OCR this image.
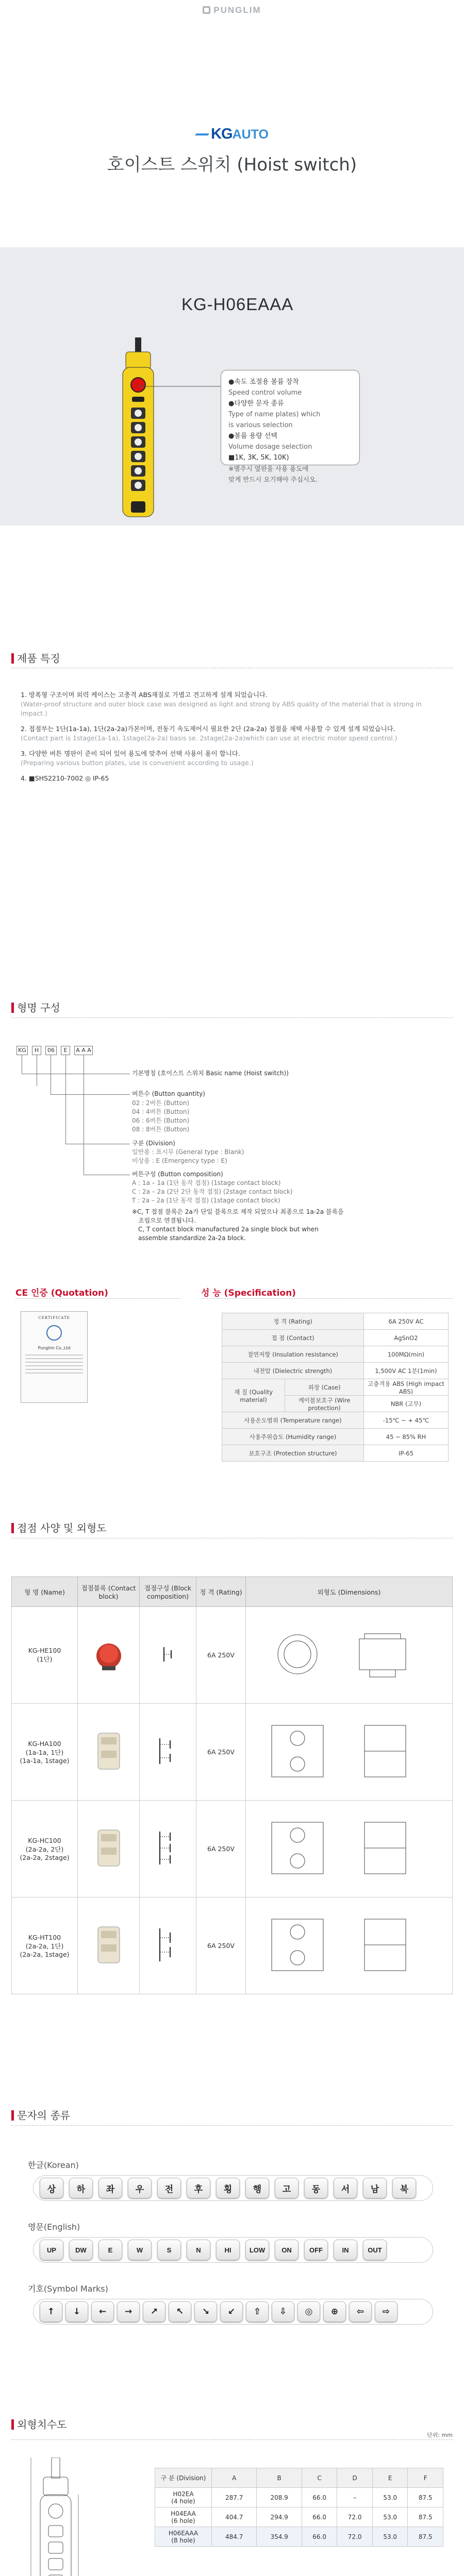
PUNGLIM
KGAUTO
호이스트 스위치 (Hoist switch)
KG-H06EAAA
●속도 조절용 볼륨 장착
Speed control volume
●다양한 문자 종류
Type of name plates) which
is various selection
●볼륨 용량 선택
Volume dosage selection
■1K, 3K, 5K, 10K)
※별주시 옆판을 사용 용도에
맞게 반드시 요기해야 주십시오.
제품 특징
1. 방폭형 구조이며 외력 케이스는 고충격 ABS재질로 가볍고 견고하게 설계 되었습니다.
(Water-proof structure and outer block case was designed as light and strong by ABS quality of the material that is strong in impact.)
2. 접점부는 1단(1a-1a), 1단(2a-2a)가본이며, 전동기 속도제어시 필요한 2단 (2a-2a) 접점을 채택 사용할 수 있게 설계 되었습니다.
(Contact part is 1stage(1a-1a), 1stage(2a-2a) basis se. 2stage(2a-2a)which can use at electric motor speed control.)
3. 다양한 버튼 명판이 준비 되어 있어 용도에 맞추어 선택 사용이 용이 합니다.
(Preparing various button plates, use is convenient according to usage.)
4. ■SHS2210-7002 ◎ IP-65
형명 구성
KG	H	06	E	A A A
기본명칭 (호이스트 스위치 Basic name (Hoist switch))
버튼수 (Button quantity)
02 : 2버튼 (Button)
04 : 4버튼 (Button)
06 : 6버튼 (Button)
08 : 8버튼 (Button)
구분 (Division)
일반용 : 표시무 (General type : Blank)
비상용 : E (Emergency type : E)
버튼구성 (Button composition)
A : 1a – 1a (1단 동작 접점) (1stage contact block)
C : 2a – 2a (2단 2단 동작 접점) (2stage contact block)
T : 2a – 2a (1단 동작 접점) (1stage contact block)
※C, T 접점 블록은 2a가 단일 블록으로 제작 되었으나 최종으로 1a-2a 블록을
조립으로 연결됩니다.
C, T contact block manufactured 2a single block but when
assemble standardize 2a-2a block.
CE 인증 (Quotation)
CERTIFICATE
Punglim Co.,Ltd
성 능 (Specification)
정 격 (Rating)		6A 250V AC
접 점 (Contact)		AgSnO2
절연저항 (Insulation resistance)		100MΩ(min)
내전압 (Dielectric strength)		1,500V AC 1분(1min)
재 질 (Quality material)	외장 (Case)	고충격용 ABS (High impact ABS)
	케이블보호구 (Wire protection)	NBR (고무)
사용온도범위 (Temperature range)		-15℃ ~ + 45℃
사용주위습도 (Humidity range)		45 ~ 85% RH
보호구조 (Protection structure)		IP-65
접점 사양 및 외형도
형 명 (Name)	접점블록 (Contact block)	접점구성 (Block composition)	정 격 (Rating)	외형도 (Dimensions)

KG-HE100
(1단)			6A 250V	

KG-HA100
(1a-1a, 1단)
(1a-1a, 1stage)			6A 250V	

KG-HC100
(2a-2a, 2단)
(2a-2a, 2stage)			6A 250V	

KG-HT100
(2a-2a, 1단)
(2a-2a, 1stage)			6A 250V	
문자의 종류
한글(Korean)
상	하	좌	우	전	후	횡	행	고	동	서	남	북
영문(English)
UP	DW	E	W	S	N	HI	LOW	ON	OFF	IN	OUT
기호(Symbol Marks)
↑	↓	←	→	↗	↖	↘	↙	⇧	⇩	◎	⊕	⇦	⇨
외형치수도
단위: mm
구 분 (Division)	A	B	C	D	E	F

H02EA
(4 hole)	287.7	208.9	66.0	–	53.0	87.5

H04EAA
(6 hole)	404.7	294.9	66.0	72.0	53.0	87.5

H06EAAA
(8 hole)	484.7	354.9	66.0	72.0	53.0	87.5
